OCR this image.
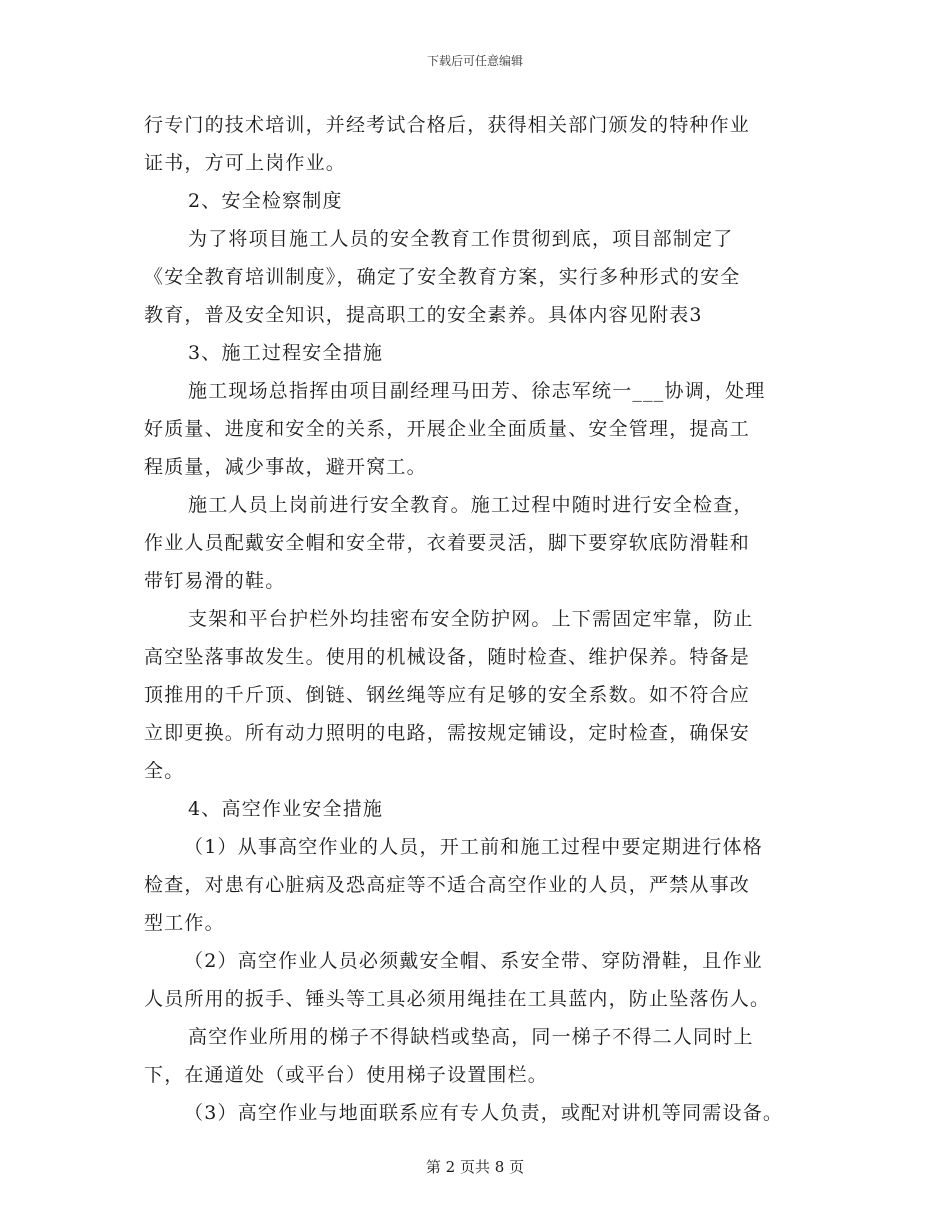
下载后可任意编辑
行专门的技术培训，并经考试合格后，获得相关部门颁发的特种作业
证书，方可上岗作业。
2、安全检察制度
为了将项目施工人员的安全教育工作贯彻到底，项目部制定了
《安全教育培训制度》，确定了安全教育方案，实行多种形式的安全
教育，普及安全知识，提高职工的安全素养。具体内容见附表3
3、施工过程安全措施
施工现场总指挥由项目副经理马田芳、徐志军统一___协调，处理
好质量、进度和安全的关系，开展企业全面质量、安全管理，提高工
程质量，减少事故，避开窝工。
施工人员上岗前进行安全教育。施工过程中随时进行安全检查，
作业人员配戴安全帽和安全带，衣着要灵活，脚下要穿软底防滑鞋和
带钉易滑的鞋。
支架和平台护栏外均挂密布安全防护网。上下需固定牢靠，防止
高空坠落事故发生。使用的机械设备，随时检查、维护保养。特备是
顶推用的千斤顶、倒链、钢丝绳等应有足够的安全系数。如不符合应
立即更换。所有动力照明的电路，需按规定铺设，定时检查，确保安
全。
4、高空作业安全措施
（1）从事高空作业的人员，开工前和施工过程中要定期进行体格
检查，对患有心脏病及恐高症等不适合高空作业的人员，严禁从事改
型工作。
（2）高空作业人员必须戴安全帽、系安全带、穿防滑鞋，且作业
人员所用的扳手、锤头等工具必须用绳挂在工具蓝内，防止坠落伤人。
高空作业所用的梯子不得缺档或垫高，同一梯子不得二人同时上
下，在通道处（或平台）使用梯子设置围栏。
（3）高空作业与地面联系应有专人负责，或配对讲机等同需设备。
第 2 页共 8 页
